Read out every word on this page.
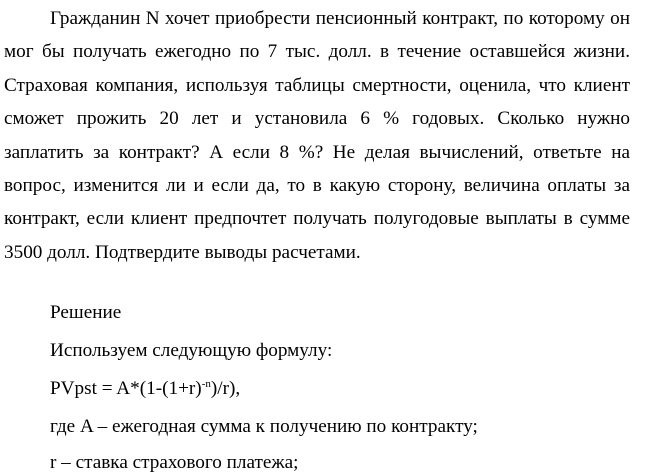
Гражданин N хочет приобрести пенсионный контракт, по которому он мог бы получать ежегодно по 7 тыс. долл. в течение оставшейся жизни. Страховая компания, используя таблицы смертности, оценила, что клиент сможет прожить 20 лет и установила 6 % годовых. Сколько нужно заплатить за контракт? А если 8 %? Не делая вычислений, ответьте на вопрос, изменится ли и если да, то в какую сторону, величина оплаты за контракт, если клиент предпочтет получать полугодовые выплаты в сумме 3500 долл. Подтвердите выводы расчетами.

Решение

Используем следующую формулу:

PVpst = $A*(1-(1+r)^{-n})/r$),

где A – ежегодная сумма к получению по контракту;

r – ставка страхового платежа;
